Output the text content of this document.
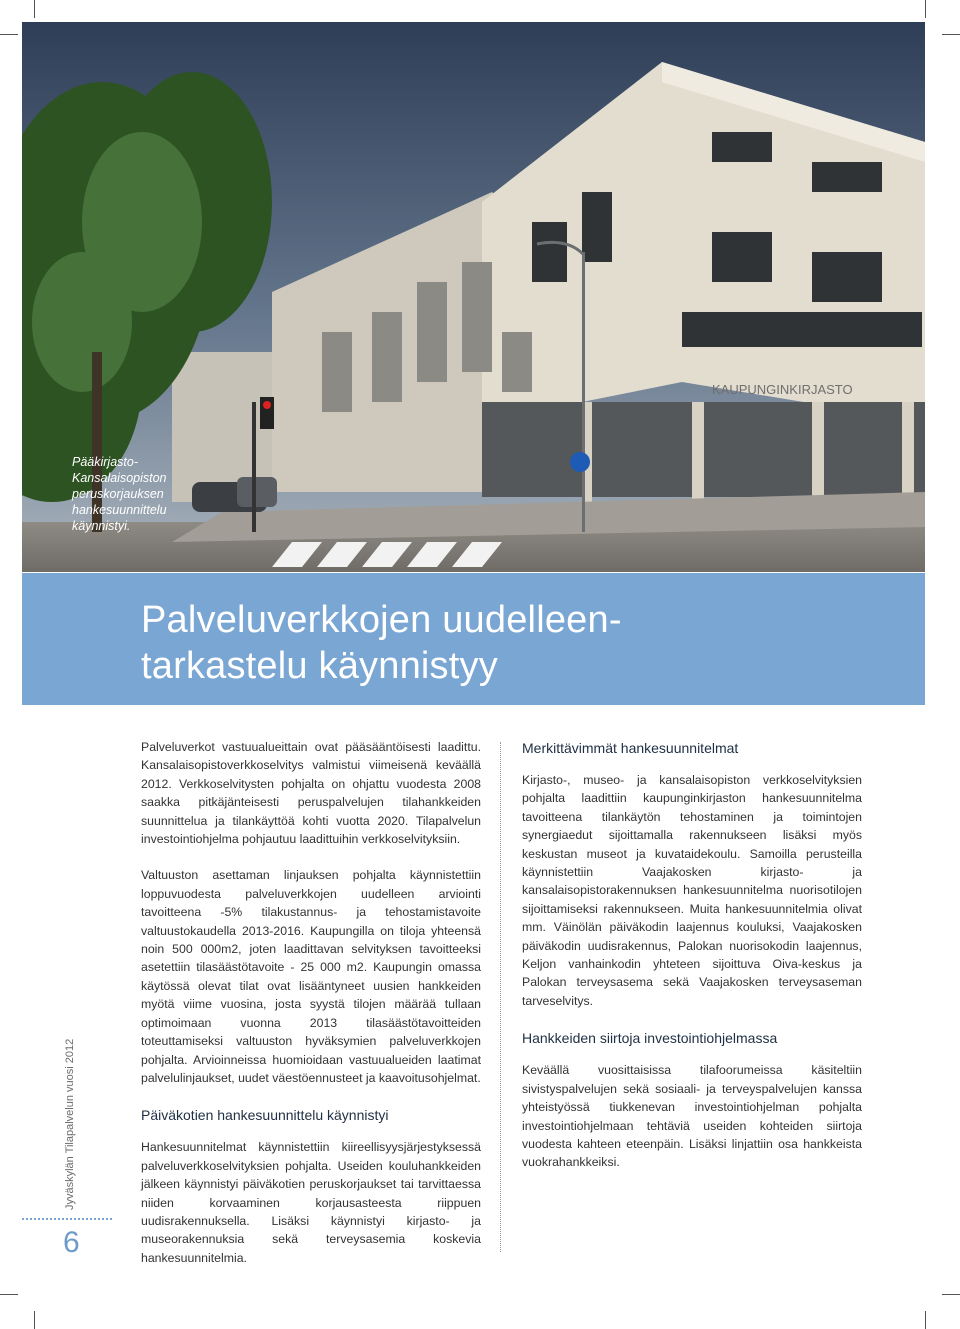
KAUPUNGINKIRJASTO
Pääkirjasto-Kansalaisopiston peruskorjauksen hankesuunnittelu käynnistyi.
Palveluverkkojen uudelleen-
tarkastelu käynnistyy

Palveluverkot vastuualueittain ovat pääsääntöisesti laadittu. Kansalaisopistoverkkoselvitys valmistui viimeisenä keväällä 2012. Verkkoselvitysten pohjalta on ohjattu vuodesta 2008 saakka pitkäjänteisesti peruspalvelujen tilahankkeiden suunnittelua ja tilankäyttöä kohti vuotta 2020. Tilapalvelun investointiohjelma pohjautuu laadittuihin verkkoselvityksiin.

Valtuuston asettaman linjauksen pohjalta käynnistettiin loppuvuodesta palveluverkkojen uudelleen arviointi tavoitteena -5% tilakustannus- ja tehostamistavoite valtuustokaudella 2013-2016. Kaupungilla on tiloja yhteensä noin 500 000m2, joten laadittavan selvityksen tavoitteeksi asetettiin tilasäästötavoite - 25 000 m2. Kaupungin omassa käytössä olevat tilat ovat lisääntyneet uusien hankkeiden myötä viime vuosina, josta syystä tilojen määrää tullaan optimoimaan vuonna 2013 tilasäästötavoitteiden toteuttamiseksi valtuuston hyväksymien palveluverkkojen pohjalta. Arvioinneissa huomioidaan vastuualueiden laatimat palvelulinjaukset, uudet väestöennusteet ja kaavoitusohjelmat.

Päiväkotien hankesuunnittelu käynnistyi

Hankesuunnitelmat käynnistettiin kiireellisyysjärjestyksessä palveluverkkoselvityksien pohjalta. Useiden kouluhankkeiden jälkeen käynnistyi päiväkotien peruskorjaukset tai tarvittaessa niiden korvaaminen korjausasteesta riippuen uudisrakennuksella. Lisäksi käynnistyi kirjasto- ja museorakennuksia sekä terveysasemia koskevia hankesuunnitelmia.

Merkittävimmät hankesuunnitelmat

Kirjasto-, museo- ja kansalaisopiston verkkoselvityksien pohjalta laadittiin kaupunginkirjaston hankesuunnitelma tavoitteena tilankäytön tehostaminen ja toimintojen synergiaedut sijoittamalla rakennukseen lisäksi myös keskustan museot ja kuvataidekoulu. Samoilla perusteilla käynnistettiin Vaajakosken kirjasto- ja kansalaisopistorakennuksen hankesuunnitelma nuorisotilojen sijoittamiseksi rakennukseen. Muita hankesuunnitelmia olivat mm. Väinölän päiväkodin laajennus kouluksi, Vaajakosken päiväkodin uudisrakennus, Palokan nuorisokodin laajennus, Keljon vanhainkodin yhteteen sijoittuva Oiva-keskus ja Palokan terveysasema sekä Vaajakosken terveysaseman tarveselvitys.

Hankkeiden siirtoja investointiohjelmassa

Keväällä vuosittaisissa tilafoorumeissa käsiteltiin sivistyspalvelujen sekä sosiaali- ja terveyspalvelujen kanssa yhteistyössä tiukkenevan investointiohjelman pohjalta investointiohjelmaan tehtäviä useiden kohteiden siirtoja vuodesta kahteen eteenpäin. Lisäksi linjattiin osa hankkeista vuokrahankkeiksi.

Jyväskylän Tilapalvelun vuosi 2012
6
